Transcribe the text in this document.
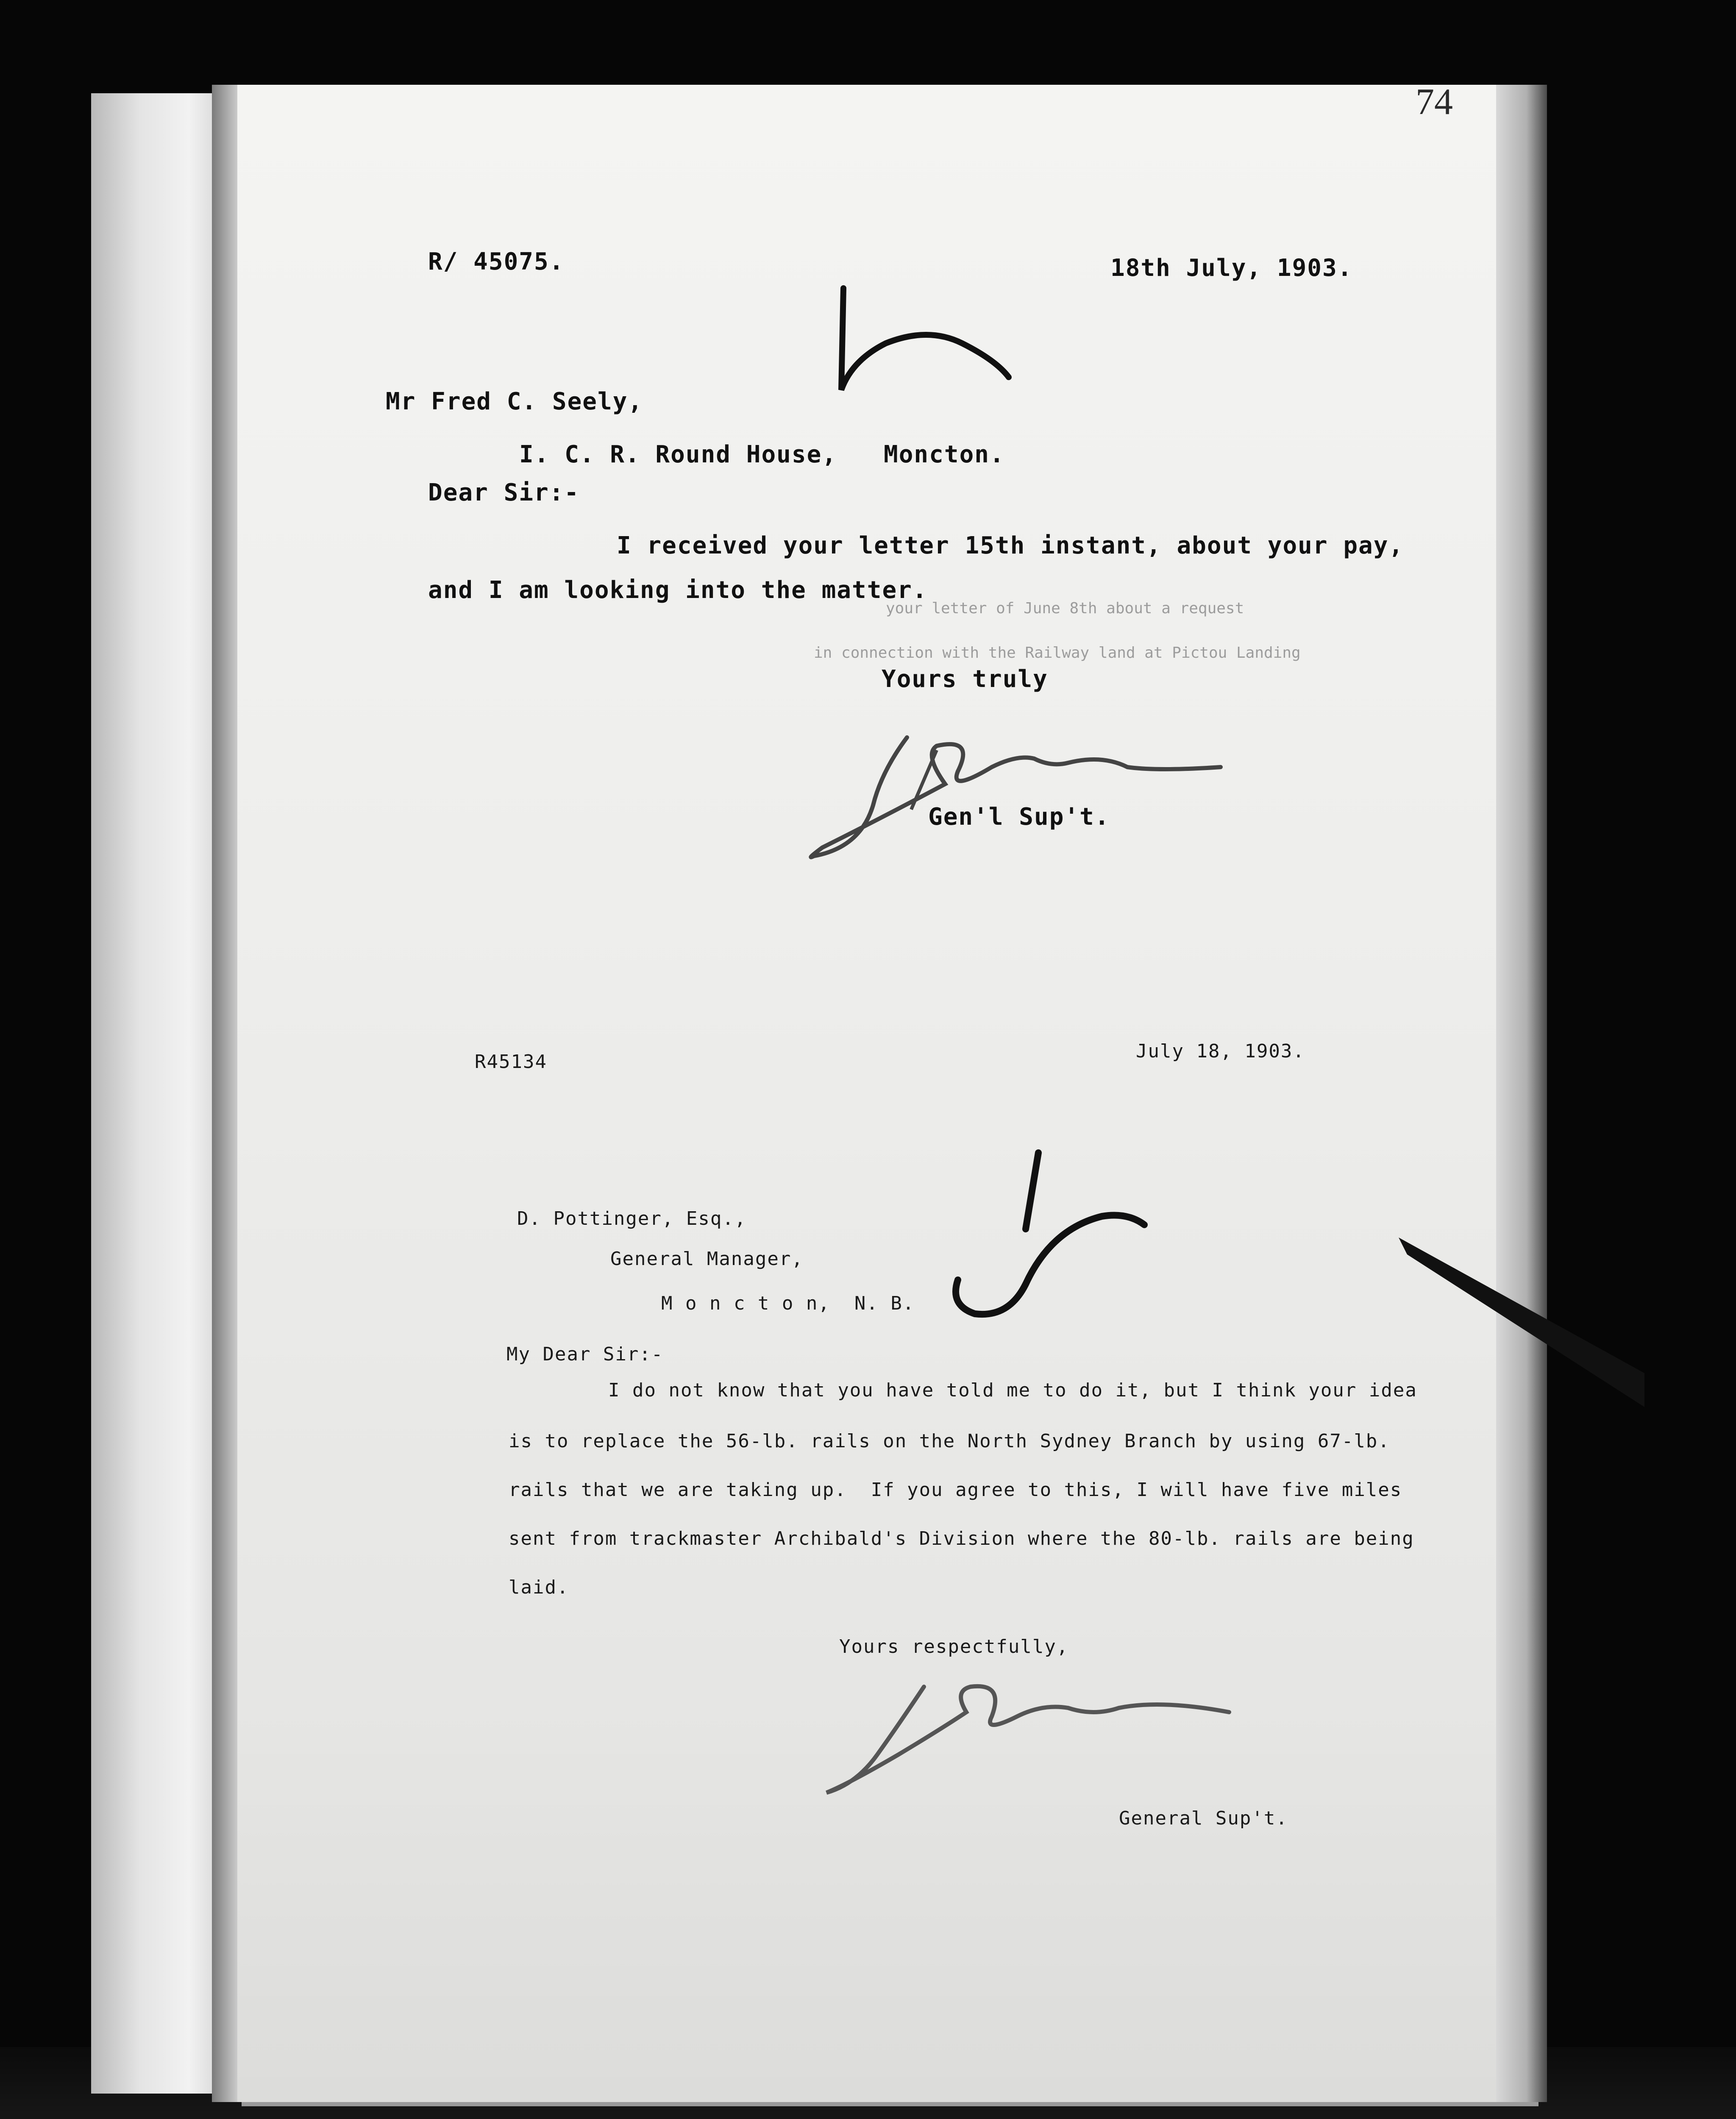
74
R/ 45075.	18th July, 1903.
Mr Fred C. Seely,
I. C. R. Round House, Moncton.
Dear Sir:-
I received your letter 15th instant, about your pay,
and I am looking into the matter.
Yours truly
Gen'l Sup't.
your letter of June 8th about a request
in connection with the Railway land at Pictou Landing
R45134	July 18, 1903.
D. Pottinger, Esq.,
General Manager,
M o n c t o n,  N. B.
My Dear Sir:-
I do not know that you have told me to do it, but I think your idea
is to replace the 56-lb. rails on the North Sydney Branch by using 67-lb.
rails that we are taking up.  If you agree to this, I will have five miles
sent from trackmaster Archibald's Division where the 80-lb. rails are being
laid.
Yours respectfully,
General Sup't.
